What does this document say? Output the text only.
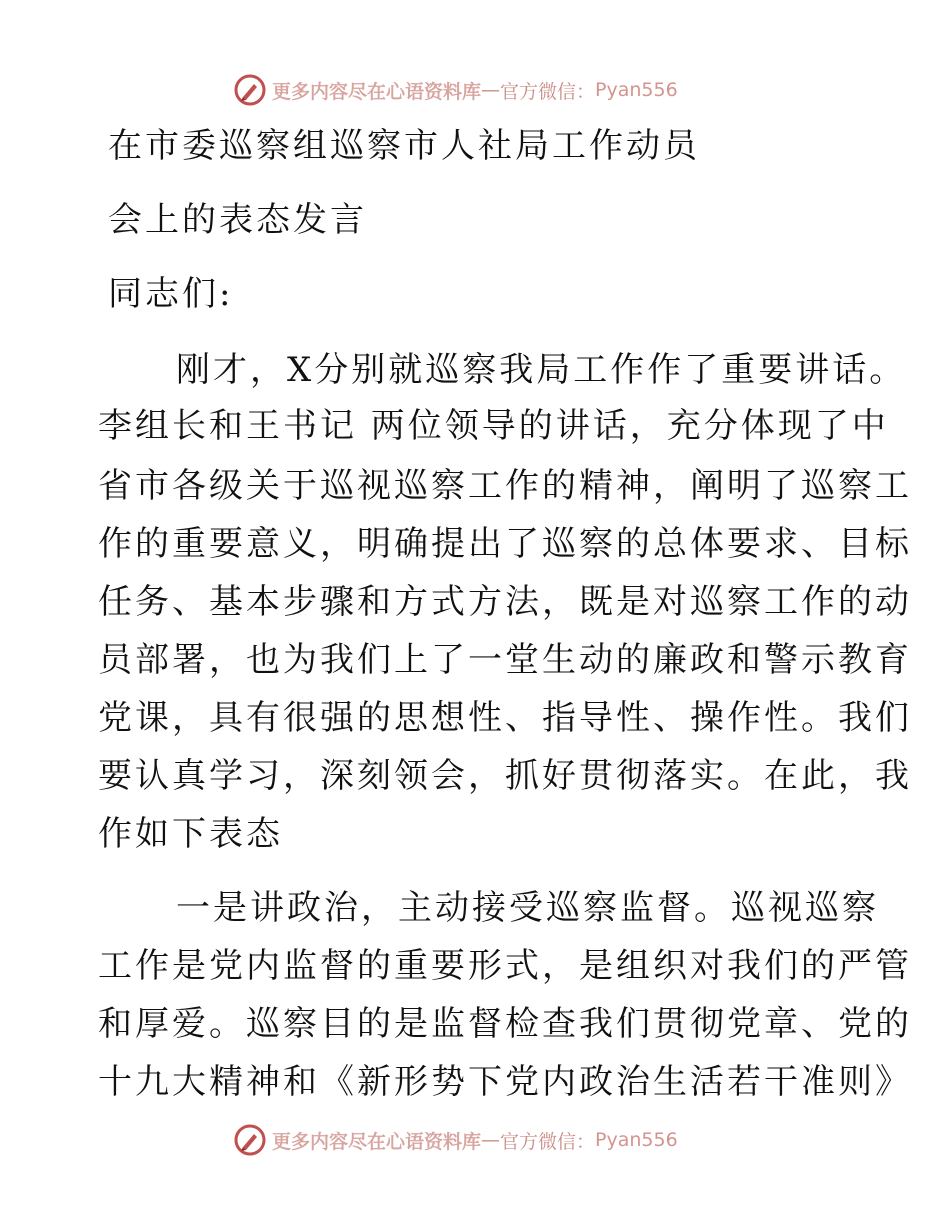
更多内容尽在心语资料库 — 官方微信： Pyan556
在市委巡察组巡察市人社局工作动员
会上的表态发言
同志们:
刚才，X分别就巡察我局工作作了重要讲话。
李组长和王书记 两位领导的讲话，充分体现了中
省市各级关于巡视巡察工作的精神，阐明了巡察工
作的重要意义，明确提出了巡察的总体要求、目标
任务、基本步骤和方式方法，既是对巡察工作的动
员部署，也为我们上了一堂生动的廉政和警示教育
党课，具有很强的思想性、指导性、操作性。我们
要认真学习，深刻领会，抓好贯彻落实。在此，我
作如下表态
一是讲政治，主动接受巡察监督。巡视巡察
工作是党内监督的重要形式，是组织对我们的严管
和厚爱。巡察目的是监督检查我们贯彻党章、党的
十九大精神和《新形势下党内政治生活若干准则》
更多内容尽在心语资料库 — 官方微信： Pyan556
